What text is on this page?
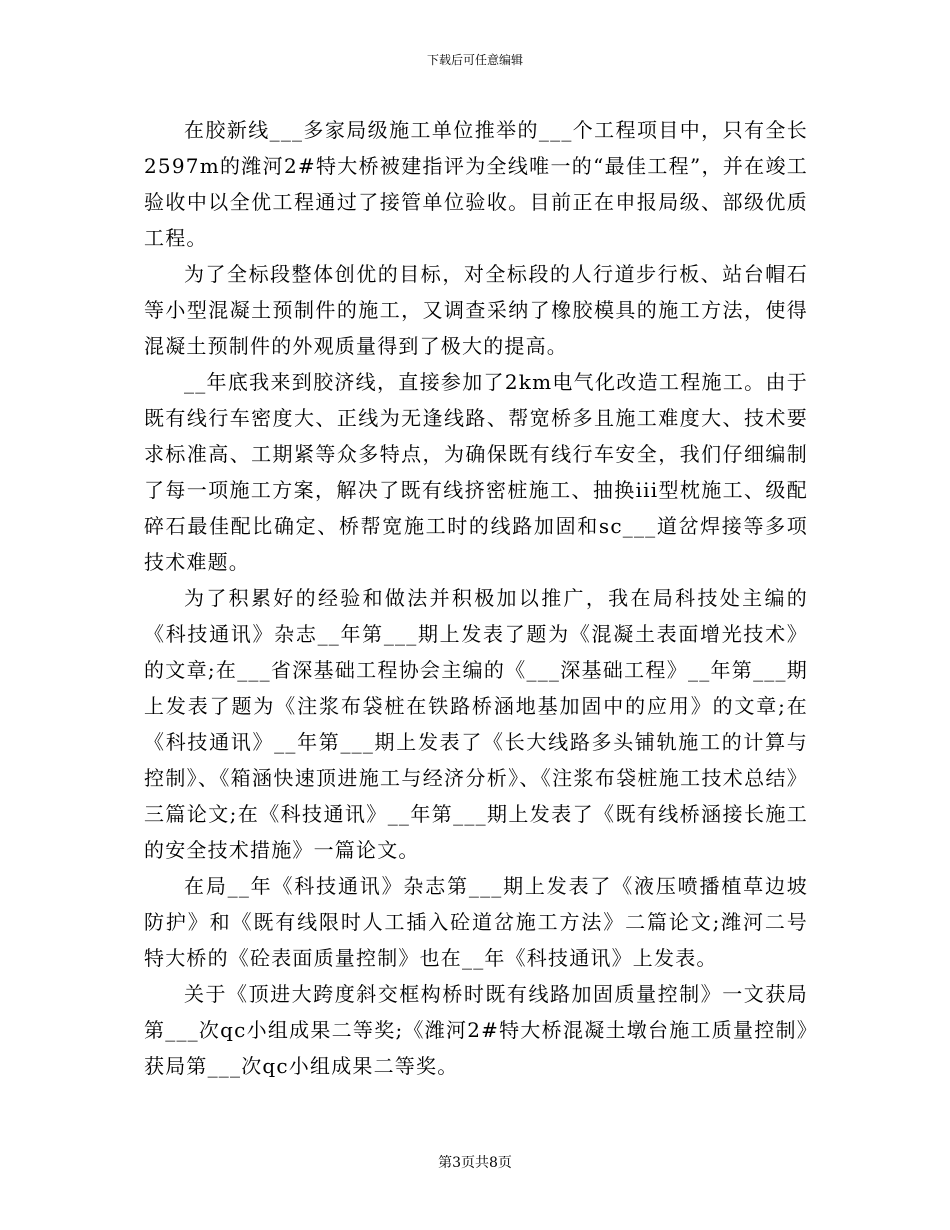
下载后可任意编辑

在胶新线___多家局级施工单位推举的___个工程项目中，只有全长2597m的潍河2#特大桥被建指评为全线唯一的“最佳工程”，并在竣工验收中以全优工程通过了接管单位验收。目前正在申报局级、部级优质工程。

为了全标段整体创优的目标，对全标段的人行道步行板、站台帽石等小型混凝土预制件的施工，又调查采纳了橡胶模具的施工方法，使得混凝土预制件的外观质量得到了极大的提高。

__年底我来到胶济线，直接参加了2km电气化改造工程施工。由于既有线行车密度大、正线为无逢线路、帮宽桥多且施工难度大、技术要求标准高、工期紧等众多特点，为确保既有线行车安全，我们仔细编制了每一项施工方案，解决了既有线挤密桩施工、抽换iii型枕施工、级配碎石最佳配比确定、桥帮宽施工时的线路加固和sc___道岔焊接等多项技术难题。

为了积累好的经验和做法并积极加以推广，我在局科技处主编的《科技通讯》杂志__年第___期上发表了题为《混凝土表面增光技术》的文章;在___省深基础工程协会主编的《___深基础工程》__年第___期上发表了题为《注浆布袋桩在铁路桥涵地基加固中的应用》的文章;在《科技通讯》__年第___期上发表了《长大线路多头铺轨施工的计算与控制》、《箱涵快速顶进施工与经济分析》、《注浆布袋桩施工技术总结》三篇论文;在《科技通讯》__年第___期上发表了《既有线桥涵接长施工的安全技术措施》一篇论文。

在局__年《科技通讯》杂志第___期上发表了《液压喷播植草边坡防护》和《既有线限时人工插入砼道岔施工方法》二篇论文;潍河二号特大桥的《砼表面质量控制》也在__年《科技通讯》上发表。

关于《顶进大跨度斜交框构桥时既有线路加固质量控制》一文获局第___次qc小组成果二等奖;《潍河2#特大桥混凝土墩台施工质量控制》获局第___次qc小组成果二等奖。

第3页共8页
